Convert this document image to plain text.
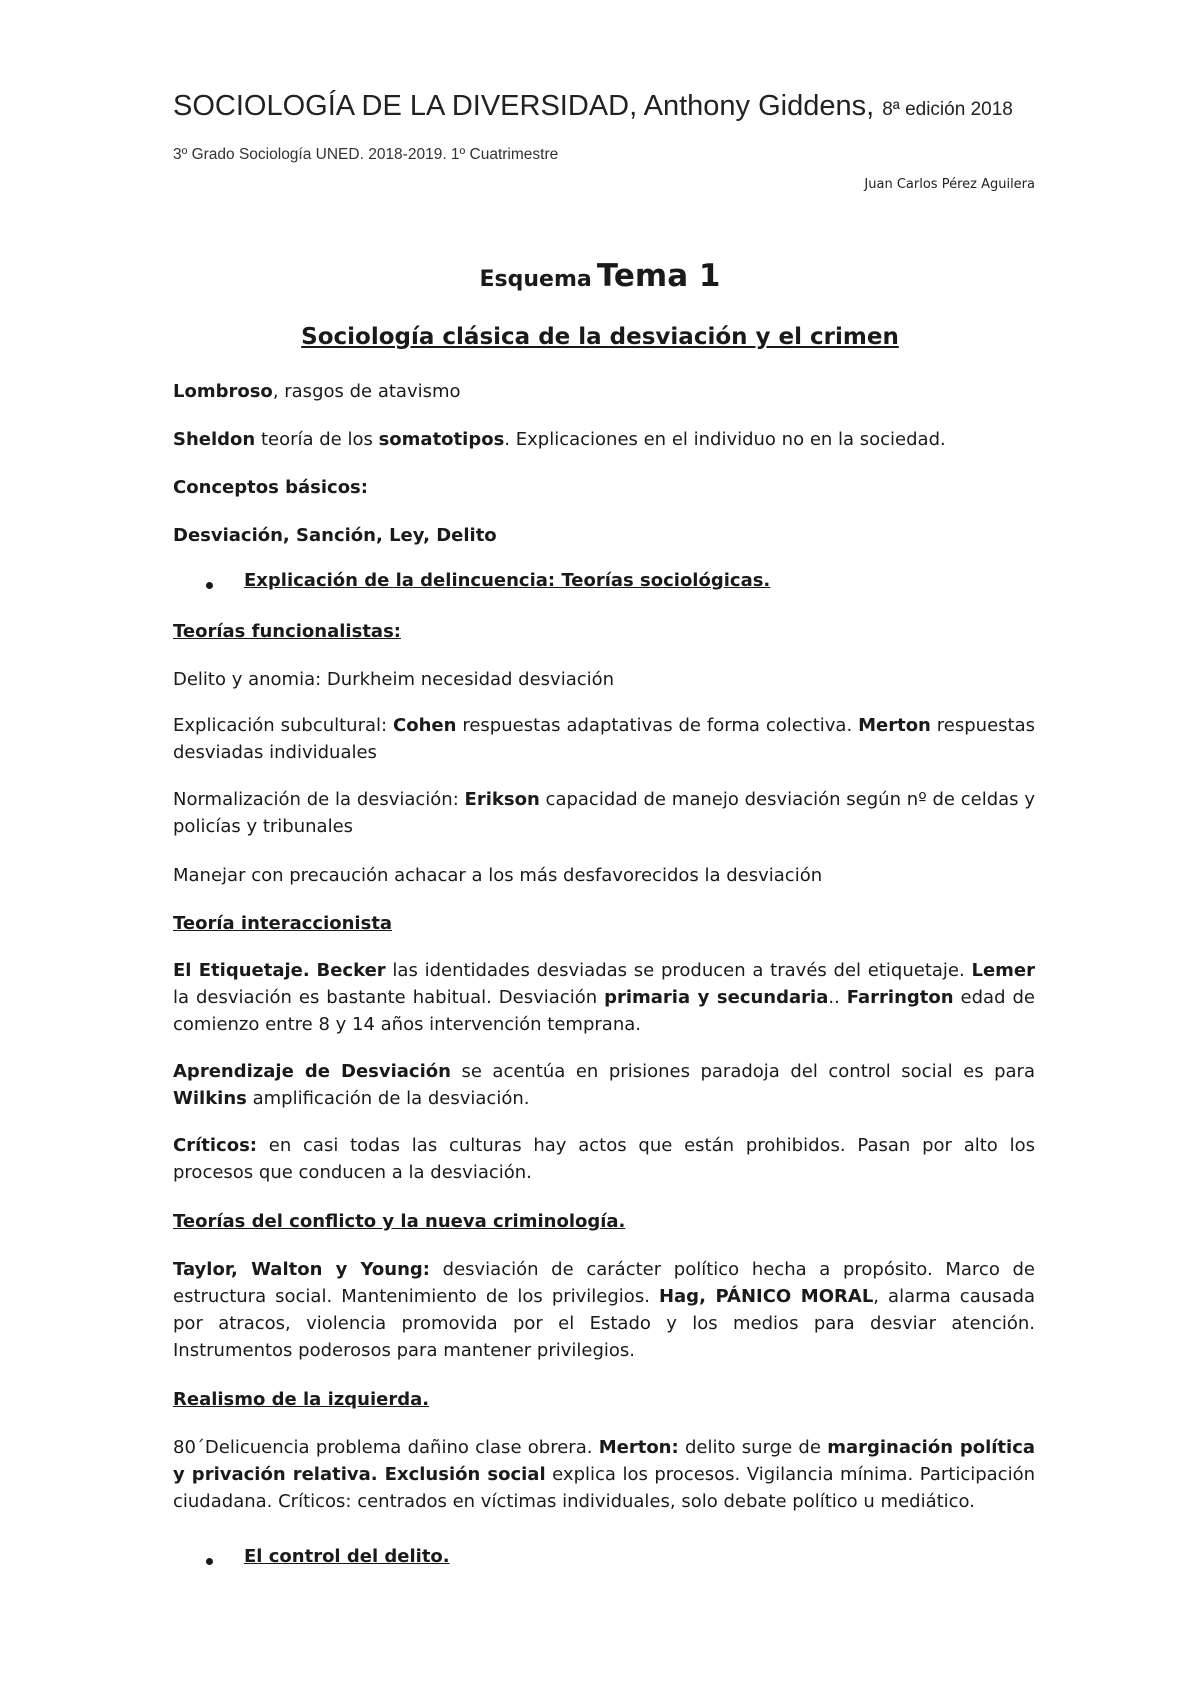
SOCIOLOGÍA DE LA DIVERSIDAD, Anthony Giddens, 8ª edición 2018

3º Grado Sociología UNED. 2018-2019. 1º Cuatrimestre

Juan Carlos Pérez Aguilera

Esquema Tema 1

Sociología clásica de la desviación y el crimen

Lombroso, rasgos de atavismo

Sheldon teoría de los somatotipos. Explicaciones en el individuo no en la sociedad.

Conceptos básicos:

Desviación, Sanción, Ley, Delito

Explicación de la delincuencia: Teorías sociológicas.

Teorías funcionalistas:

Delito y anomia: Durkheim necesidad desviación

Explicación subcultural: Cohen respuestas adaptativas de forma colectiva. Merton respuestas desviadas individuales

Normalización de la desviación: Erikson capacidad de manejo desviación según nº de celdas y policías y tribunales

Manejar con precaución achacar a los más desfavorecidos la desviación

Teoría interaccionista

El Etiquetaje. Becker las identidades desviadas se producen a través del etiquetaje. Lemer la desviación es bastante habitual. Desviación primaria y secundaria.. Farrington edad de comienzo entre 8 y 14 años intervención temprana.

Aprendizaje de Desviación se acentúa en prisiones paradoja del control social es para Wilkins amplificación de la desviación.

Críticos: en casi todas las culturas hay actos que están prohibidos. Pasan por alto los procesos que conducen a la desviación.

Teorías del conflicto y la nueva criminología.

Taylor, Walton y Young: desviación de carácter político hecha a propósito. Marco de estructura social. Mantenimiento de los privilegios. Hag, PÁNICO MORAL, alarma causada por atracos, violencia promovida por el Estado y los medios para desviar atención. Instrumentos poderosos para mantener privilegios.

Realismo de la izquierda.

80´Delicuencia problema dañino clase obrera. Merton: delito surge de marginación política y privación relativa. Exclusión social explica los procesos. Vigilancia mínima. Participación ciudadana. Críticos: centrados en víctimas individuales, solo debate político u mediático.

El control del delito.
